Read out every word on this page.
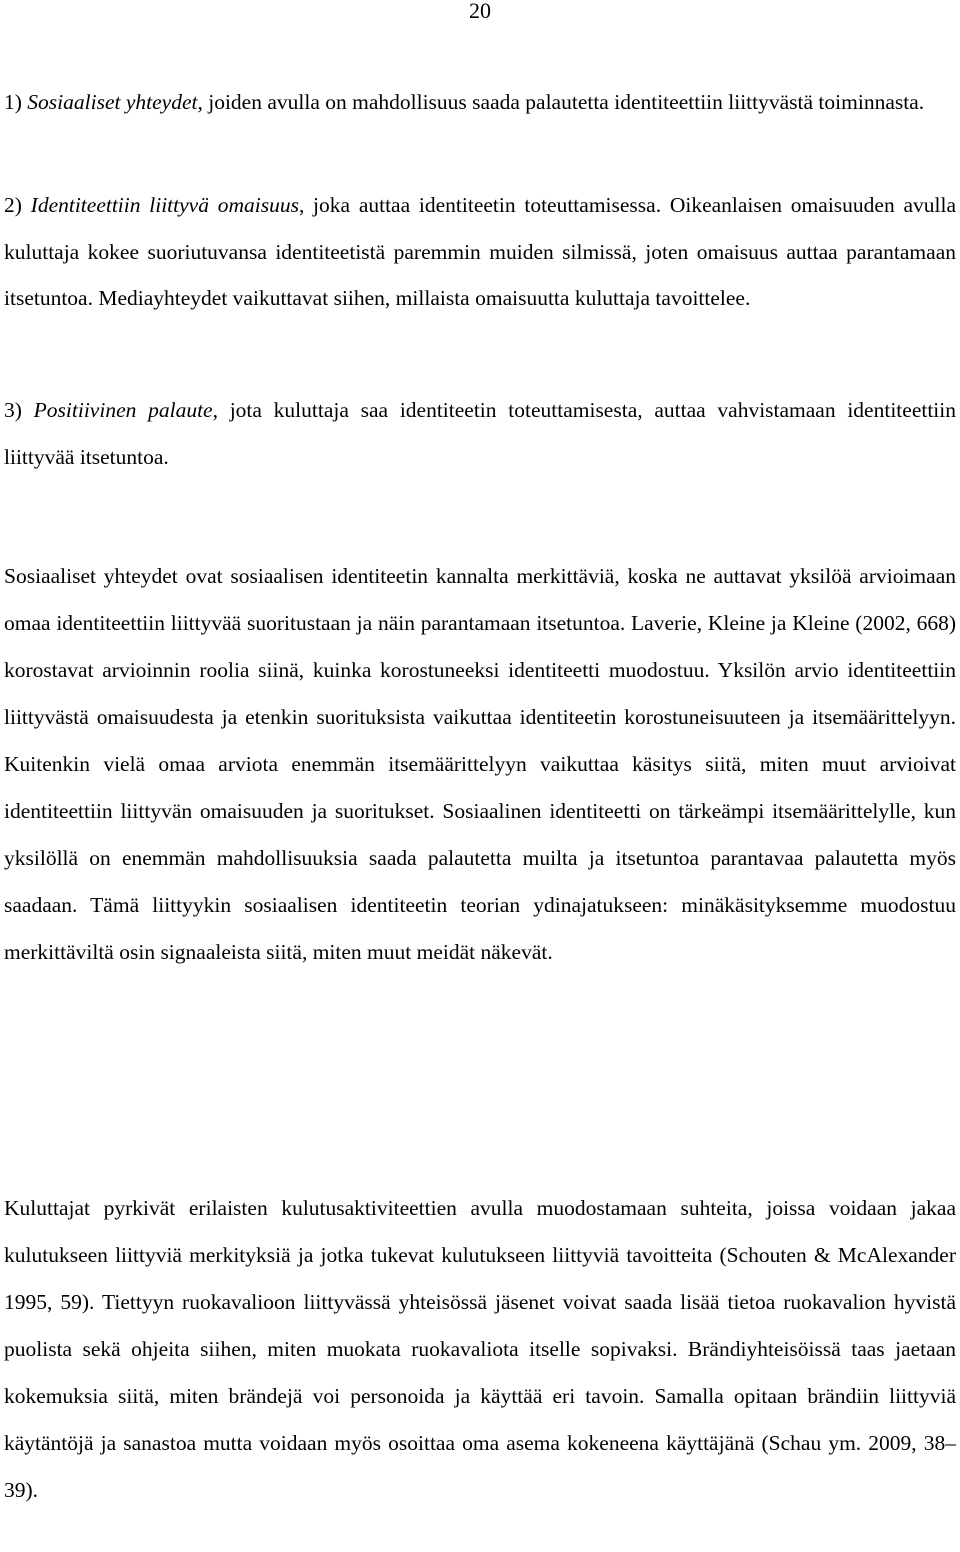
20
1) Sosiaaliset yhteydet, joiden avulla on mahdollisuus saada palautetta identiteettiin liittyvästä toiminnasta.
2) Identiteettiin liittyvä omaisuus, joka auttaa identiteetin toteuttamisessa. Oikeanlaisen omaisuuden avulla kuluttaja kokee suoriutuvansa identiteetistä paremmin muiden silmissä, joten omaisuus auttaa parantamaan itsetuntoa. Mediayhteydet vaikuttavat siihen, millaista omaisuutta kuluttaja tavoittelee.
3) Positiivinen palaute, jota kuluttaja saa identiteetin toteuttamisesta, auttaa vahvistamaan identiteettiin liittyvää itsetuntoa.
Sosiaaliset yhteydet ovat sosiaalisen identiteetin kannalta merkittäviä, koska ne auttavat yksilöä arvioimaan omaa identiteettiin liittyvää suoritustaan ja näin parantamaan itsetuntoa. Laverie, Kleine ja Kleine (2002, 668) korostavat arvioinnin roolia siinä, kuinka korostuneeksi identiteetti muodostuu. Yksilön arvio identiteettiin liittyvästä omaisuudesta ja etenkin suorituksista vaikuttaa identiteetin korostuneisuuteen ja itsemäärittelyyn. Kuitenkin vielä omaa arviota enemmän itsemäärittelyyn vaikuttaa käsitys siitä, miten muut arvioivat identiteettiin liittyvän omaisuuden ja suoritukset. Sosiaalinen identiteetti on tärkeämpi itsemäärittelylle, kun yksilöllä on enemmän mahdollisuuksia saada palautetta muilta ja itsetuntoa parantavaa palautetta myös saadaan. Tämä liittyykin sosiaalisen identiteetin teorian ydinajatukseen: minäkäsityksemme muodostuu merkittäviltä osin signaaleista siitä, miten muut meidät näkevät.
Kuluttajat pyrkivät erilaisten kulutusaktiviteettien avulla muodostamaan suhteita, joissa voidaan jakaa kulutukseen liittyviä merkityksiä ja jotka tukevat kulutukseen liittyviä tavoitteita (Schouten & McAlexander 1995, 59). Tiettyyn ruokavalioon liittyvässä yhteisössä jäsenet voivat saada lisää tietoa ruokavalion hyvistä puolista sekä ohjeita siihen, miten muokata ruokavaliota itselle sopivaksi. Brändiyhteisöissä taas jaetaan kokemuksia siitä, miten brändejä voi personoida ja käyttää eri tavoin. Samalla opitaan brändiin liittyviä käytäntöjä ja sanastoa mutta voidaan myös osoittaa oma asema kokeneena käyttäjänä (Schau ym. 2009, 38–39).
